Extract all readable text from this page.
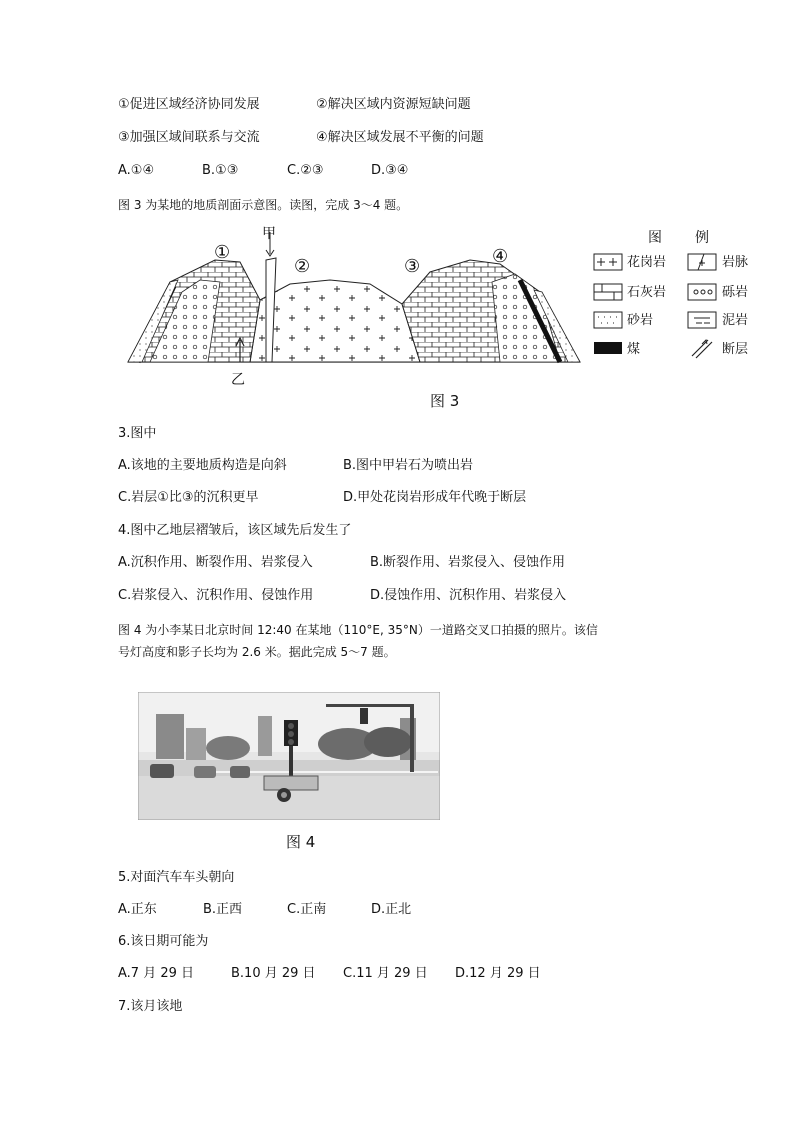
①促进区域经济协同发展	②解决区域内资源短缺问题
③加强区域间联系与交流	④解决区域发展不平衡的问题
A.①④	B.①③	C.②③	D.③④
图 3 为某地的地质剖面示意图。读图，完成 3～4 题。
①
甲
②	③	④
乙
图 例
花岗岩	岩脉
石灰岩	砾岩
砂岩	泥岩
煤	断层
图 3
3.图中
A.该地的主要地质构造是向斜	B.图中甲岩石为喷出岩
C.岩层①比③的沉积更早	D.甲处花岗岩形成年代晚于断层
4.图中乙地层褶皱后，该区域先后发生了
A.沉积作用、断裂作用、岩浆侵入	B.断裂作用、岩浆侵入、侵蚀作用
C.岩浆侵入、沉积作用、侵蚀作用	D.侵蚀作用、沉积作用、岩浆侵入
图 4 为小李某日北京时间 12:40 在某地（110°E, 35°N）一道路交叉口拍摄的照片。该信
号灯高度和影子长均为 2.6 米。据此完成 5～7 题。
图 4
5.对面汽车车头朝向
A.正东	B.正西	C.正南	D.正北
6.该日期可能为
A.7 月 29 日	B.10 月 29 日 C.11 月 29 日 D.12 月 29 日
7.该月该地
